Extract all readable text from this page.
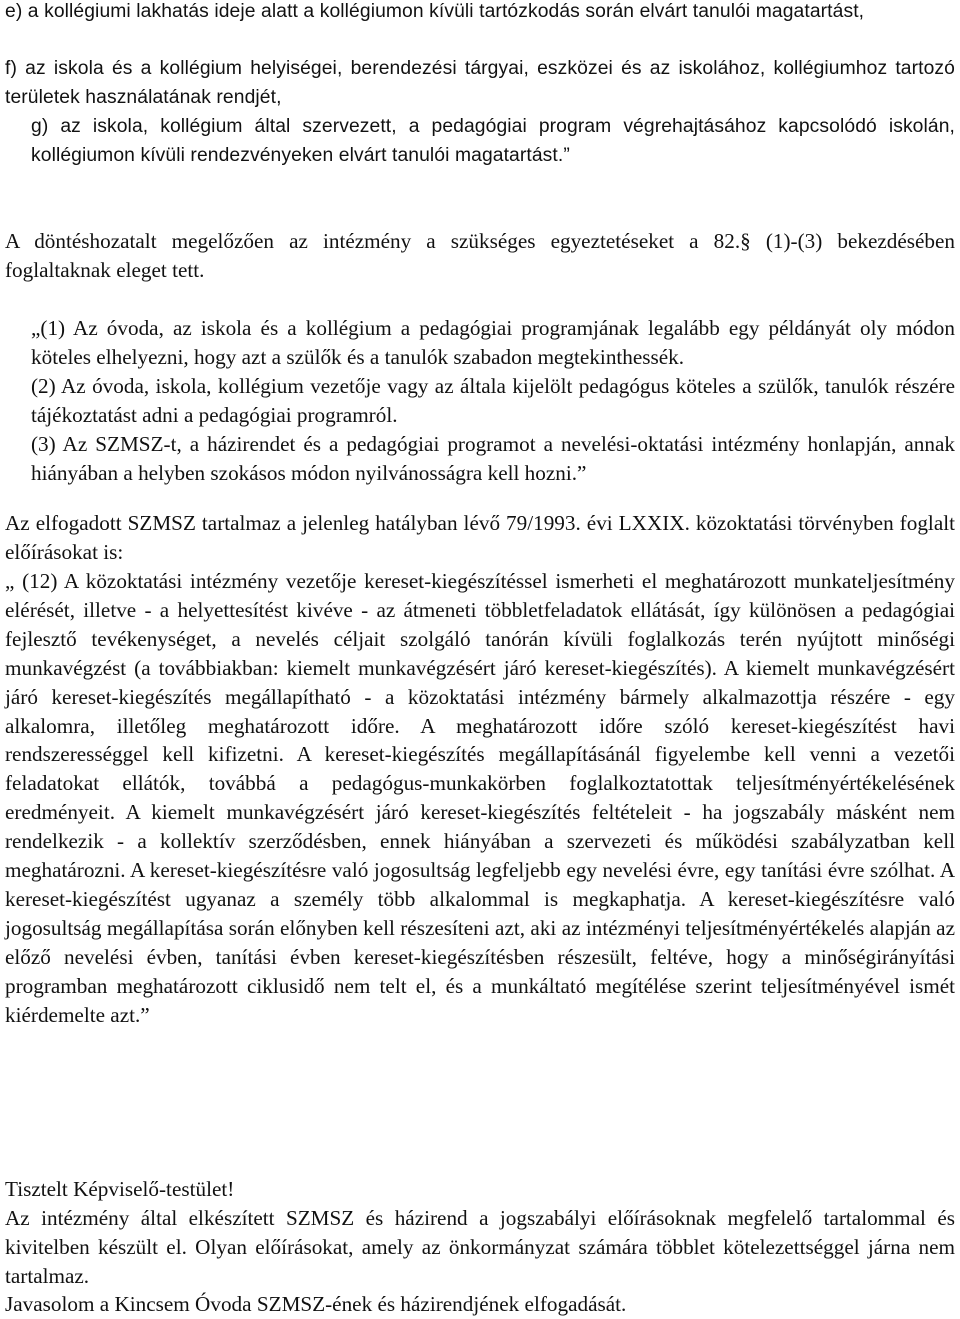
e) a kollégiumi lakhatás ideje alatt a kollégiumon kívüli tartózkodás során elvárt tanulói magatartást,

f) az iskola és a kollégium helyiségei, berendezési tárgyai, eszközei és az iskolához, kollégiumhoz tartozó területek használatának rendjét,

g) az iskola, kollégium által szervezett, a pedagógiai program végrehajtásához kapcsolódó iskolán, kollégiumon kívüli rendezvényeken elvárt tanulói magatartást.”

A döntéshozatalt megelőzően az intézmény a szükséges egyeztetéseket a 82.§ (1)-(3) bekezdésében foglaltaknak eleget tett.

„(1) Az óvoda, az iskola és a kollégium a pedagógiai programjának legalább egy példányát oly módon köteles elhelyezni, hogy azt a szülők és a tanulók szabadon megtekinthessék.

(2) Az óvoda, iskola, kollégium vezetője vagy az általa kijelölt pedagógus köteles a szülők, tanulók részére tájékoztatást adni a pedagógiai programról.

(3) Az SZMSZ-t, a házirendet és a pedagógiai programot a nevelési-oktatási intézmény honlapján, annak hiányában a helyben szokásos módon nyilvánosságra kell hozni.”

Az elfogadott SZMSZ tartalmaz a jelenleg hatályban lévő 79/1993. évi LXXIX. közoktatási törvényben foglalt előírásokat is:

„ (12) A közoktatási intézmény vezetője kereset-kiegészítéssel ismerheti el meghatározott munkateljesítmény elérését, illetve - a helyettesítést kivéve - az átmeneti többletfeladatok ellátását, így különösen a pedagógiai fejlesztő tevékenységet, a nevelés céljait szolgáló tanórán kívüli foglalkozás terén nyújtott minőségi munkavégzést (a továbbiakban: kiemelt munkavégzésért járó kereset-kiegészítés). A kiemelt munkavégzésért járó kereset-kiegészítés megállapítható - a közoktatási intézmény bármely alkalmazottja részére - egy alkalomra, illetőleg meghatározott időre. A meghatározott időre szóló kereset-kiegészítést havi rendszerességgel kell kifizetni. A kereset-kiegészítés megállapításánál figyelembe kell venni a vezetői feladatokat ellátók, továbbá a pedagógus-munkakörben foglalkoztatottak teljesítményértékelésének eredményeit. A kiemelt munkavégzésért járó kereset-kiegészítés feltételeit - ha jogszabály másként nem rendelkezik - a kollektív szerződésben, ennek hiányában a szervezeti és működési szabályzatban kell meghatározni. A kereset-kiegészítésre való jogosultság legfeljebb egy nevelési évre, egy tanítási évre szólhat. A kereset-kiegészítést ugyanaz a személy több alkalommal is megkaphatja. A kereset-kiegészítésre való jogosultság megállapítása során előnyben kell részesíteni azt, aki az intézményi teljesítményértékelés alapján az előző nevelési évben, tanítási évben kereset-kiegészítésben részesült, feltéve, hogy a minőségirányítási programban meghatározott ciklusidő nem telt el, és a munkáltató megítélése szerint teljesítményével ismét kiérdemelte azt.”

Tisztelt Képviselő-testület!

Az intézmény által elkészített SZMSZ és házirend a jogszabályi előírásoknak megfelelő tartalommal és kivitelben készült el. Olyan előírásokat, amely az önkormányzat számára többlet kötelezettséggel járna nem tartalmaz.

Javasolom a Kincsem Óvoda SZMSZ-ének és házirendjének elfogadását.
